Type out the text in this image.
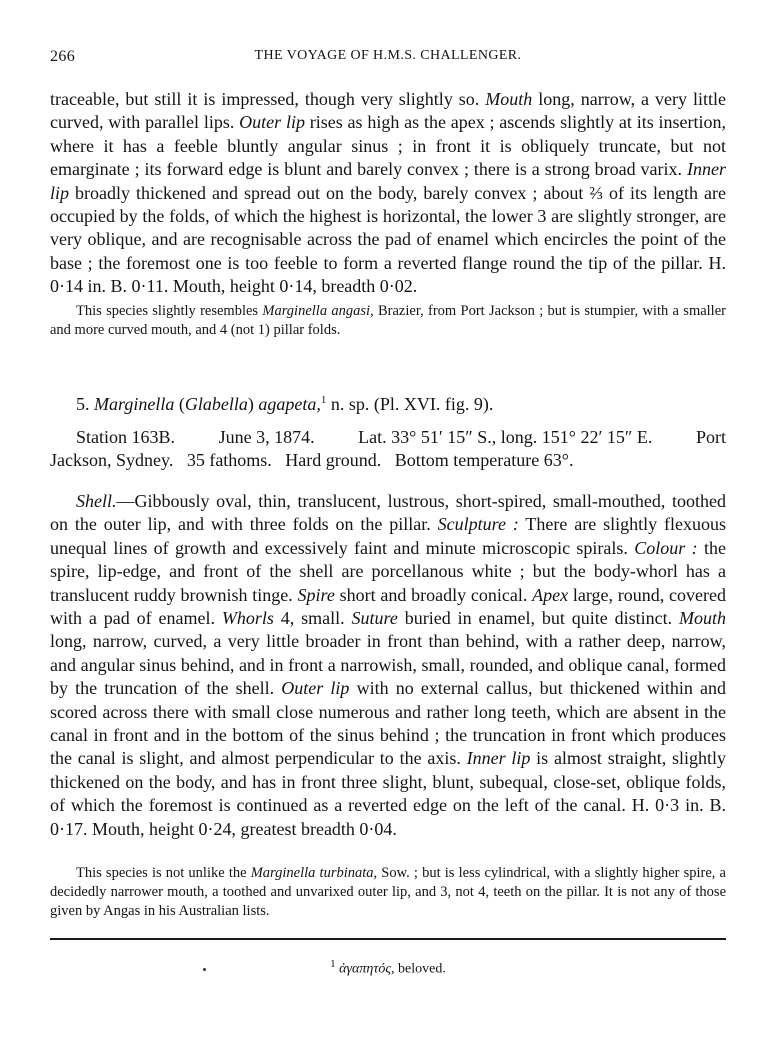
266	THE VOYAGE OF H.M.S. CHALLENGER.
traceable, but still it is impressed, though very slightly so. Mouth long, narrow, a very little curved, with parallel lips. Outer lip rises as high as the apex ; ascends slightly at its insertion, where it has a feeble bluntly angular sinus ; in front it is obliquely truncate, but not emarginate ; its forward edge is blunt and barely convex ; there is a strong broad varix. Inner lip broadly thickened and spread out on the body, barely convex ; about ⅔ of its length are occupied by the folds, of which the highest is horizontal, the lower 3 are slightly stronger, are very oblique, and are recognisable across the pad of enamel which encircles the point of the base ; the foremost one is too feeble to form a reverted flange round the tip of the pillar. H. 0·14 in. B. 0·11. Mouth, height 0·14, breadth 0·02.
This species slightly resembles Marginella angasi, Brazier, from Port Jackson ; but is stumpier, with a smaller and more curved mouth, and 4 (not 1) pillar folds.
5. Marginella (Glabella) agapeta,$^1$ n. sp. (Pl. XVI. fig. 9).
Station 163B. June 3, 1874. Lat. 33° 51′ 15″ S., long. 151° 22′ 15″ E. Port
Jackson, Sydney.   35 fathoms.   Hard ground.   Bottom temperature 63°.
Shell.—Gibbously oval, thin, translucent, lustrous, short-spired, small-mouthed, toothed on the outer lip, and with three folds on the pillar. Sculpture : There are slightly flexuous unequal lines of growth and excessively faint and minute microscopic spirals. Colour : the spire, lip-edge, and front of the shell are porcellanous white ; but the body-whorl has a translucent ruddy brownish tinge. Spire short and broadly conical. Apex large, round, covered with a pad of enamel. Whorls 4, small. Suture buried in enamel, but quite distinct. Mouth long, narrow, curved, a very little broader in front than behind, with a rather deep, narrow, and angular sinus behind, and in front a narrowish, small, rounded, and oblique canal, formed by the truncation of the shell. Outer lip with no external callus, but thickened within and scored across there with small close numerous and rather long teeth, which are absent in the canal in front and in the bottom of the sinus behind ; the truncation in front which produces the canal is slight, and almost perpendicular to the axis. Inner lip is almost straight, slightly thickened on the body, and has in front three slight, blunt, subequal, close-set, oblique folds, of which the foremost is continued as a reverted edge on the left of the canal. H. 0·3 in. B. 0·17. Mouth, height 0·24, greatest breadth 0·04.
This species is not unlike the Marginella turbinata, Sow. ; but is less cylindrical, with a slightly higher spire, a decidedly narrower mouth, a toothed and unvarixed outer lip, and 3, not 4, teeth on the pillar. It is not any of those given by Angas in his Australian lists.
$^1$ ἀγαπητός, beloved.
